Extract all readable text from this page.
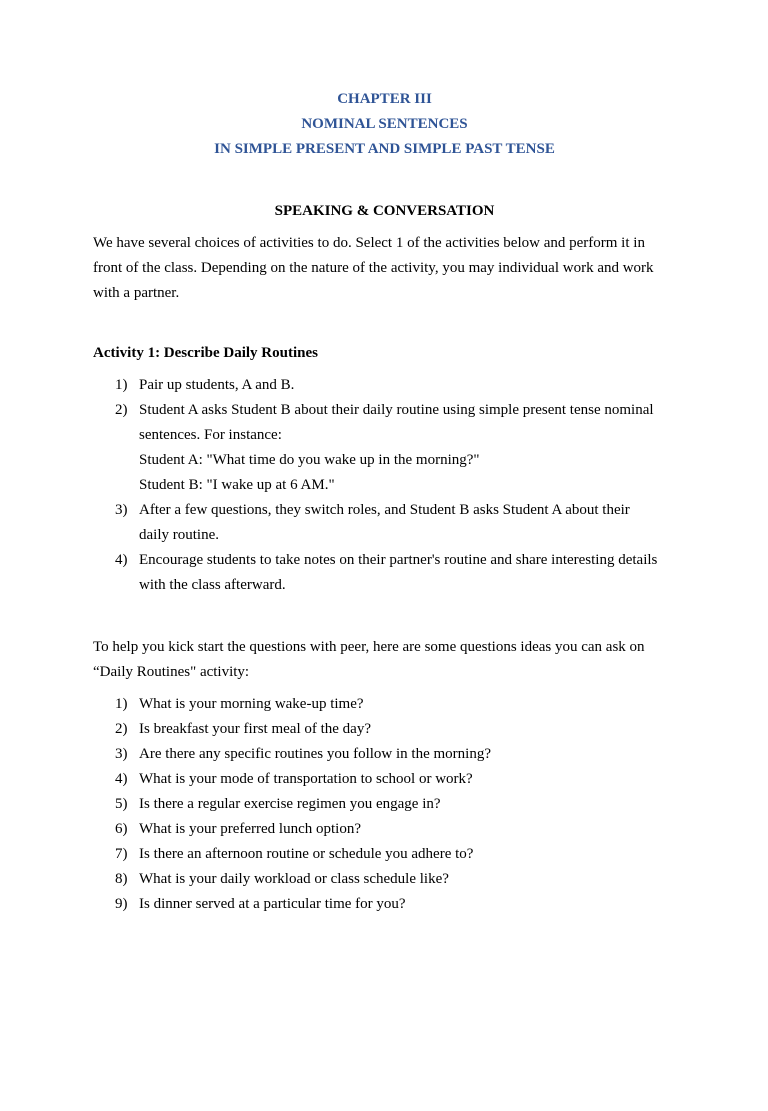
CHAPTER III
NOMINAL SENTENCES
IN SIMPLE PRESENT AND SIMPLE PAST TENSE
SPEAKING & CONVERSATION
We have several choices of activities to do. Select 1 of the activities below and perform it in
front of the class. Depending on the nature of the activity, you may individual work and work
with a partner.
Activity 1: Describe Daily Routines
1) Pair up students, A and B.
2) Student A asks Student B about their daily routine using simple present tense nominal
sentences. For instance:
Student A: "What time do you wake up in the morning?"
Student B: "I wake up at 6 AM."
3) After a few questions, they switch roles, and Student B asks Student A about their
daily routine.
4) Encourage students to take notes on their partner's routine and share interesting details
with the class afterward.
To help you kick start the questions with peer, here are some questions ideas you can ask on
“Daily Routines" activity:
1) What is your morning wake-up time?
2) Is breakfast your first meal of the day?
3) Are there any specific routines you follow in the morning?
4) What is your mode of transportation to school or work?
5) Is there a regular exercise regimen you engage in?
6) What is your preferred lunch option?
7) Is there an afternoon routine or schedule you adhere to?
8) What is your daily workload or class schedule like?
9) Is dinner served at a particular time for you?
